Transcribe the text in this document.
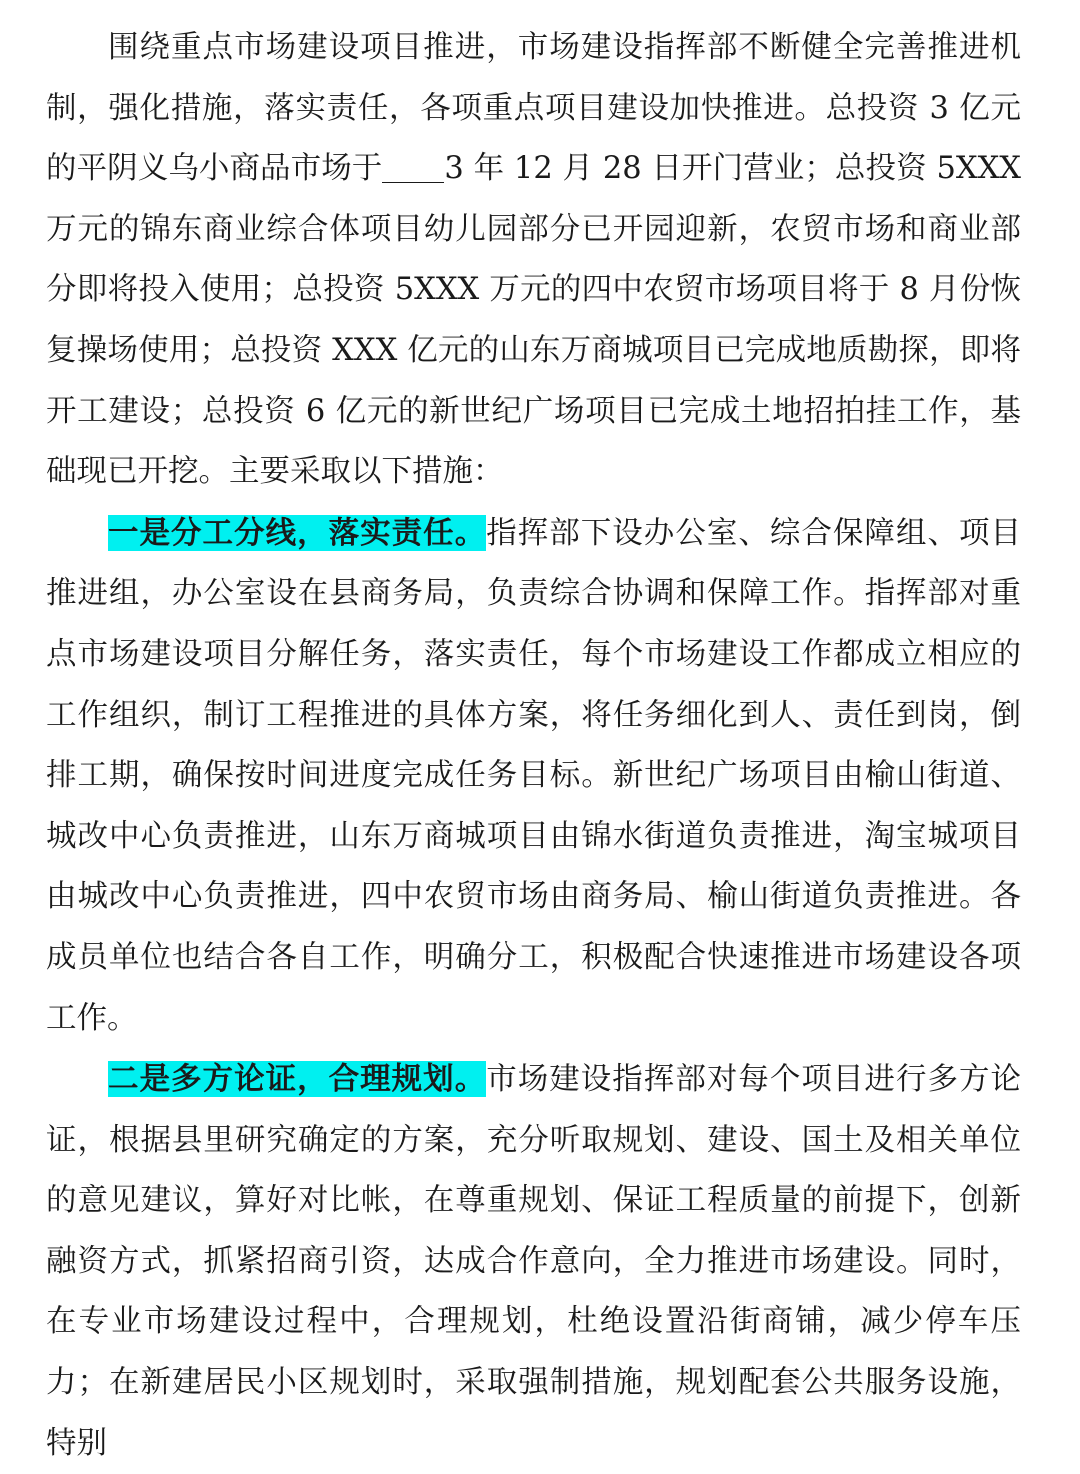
围绕重点市场建设项目推进，市场建设指挥部不断健全完善推进机制，强化措施，落实责任，各项重点项目建设加快推进。总投资 3 亿元的平阴义乌小商品市场于 3 年 12 月 28 日开门营业；总投资 5XXX 万元的锦东商业综合体项目幼儿园部分已开园迎新，农贸市场和商业部分即将投入使用；总投资 5XXX 万元的四中农贸市场项目将于 8 月份恢复操场使用；总投资 XXX 亿元的山东万商城项目已完成地质勘探，即将开工建设；总投资 6 亿元的新世纪广场项目已完成土地招拍挂工作，基础现已开挖。主要采取以下措施：

一是分工分线，落实责任。指挥部下设办公室、综合保障组、项目推进组，办公室设在县商务局，负责综合协调和保障工作。指挥部对重点市场建设项目分解任务，落实责任，每个市场建设工作都成立相应的工作组织，制订工程推进的具体方案，将任务细化到人、责任到岗，倒排工期，确保按时间进度完成任务目标。新世纪广场项目由榆山街道、城改中心负责推进，山东万商城项目由锦水街道负责推进，淘宝城项目由城改中心负责推进，四中农贸市场由商务局、榆山街道负责推进。各成员单位也结合各自工作，明确分工，积极配合快速推进市场建设各项工作。

二是多方论证，合理规划。市场建设指挥部对每个项目进行多方论证，根据县里研究确定的方案，充分听取规划、建设、国土及相关单位的意见建议，算好对比帐，在尊重规划、保证工程质量的前提下，创新融资方式，抓紧招商引资，达成合作意向，全力推进市场建设。同时，在专业市场建设过程中，合理规划，杜绝设置沿街商铺，减少停车压力；在新建居民小区规划时，采取强制措施，规划配套公共服务设施，特别
